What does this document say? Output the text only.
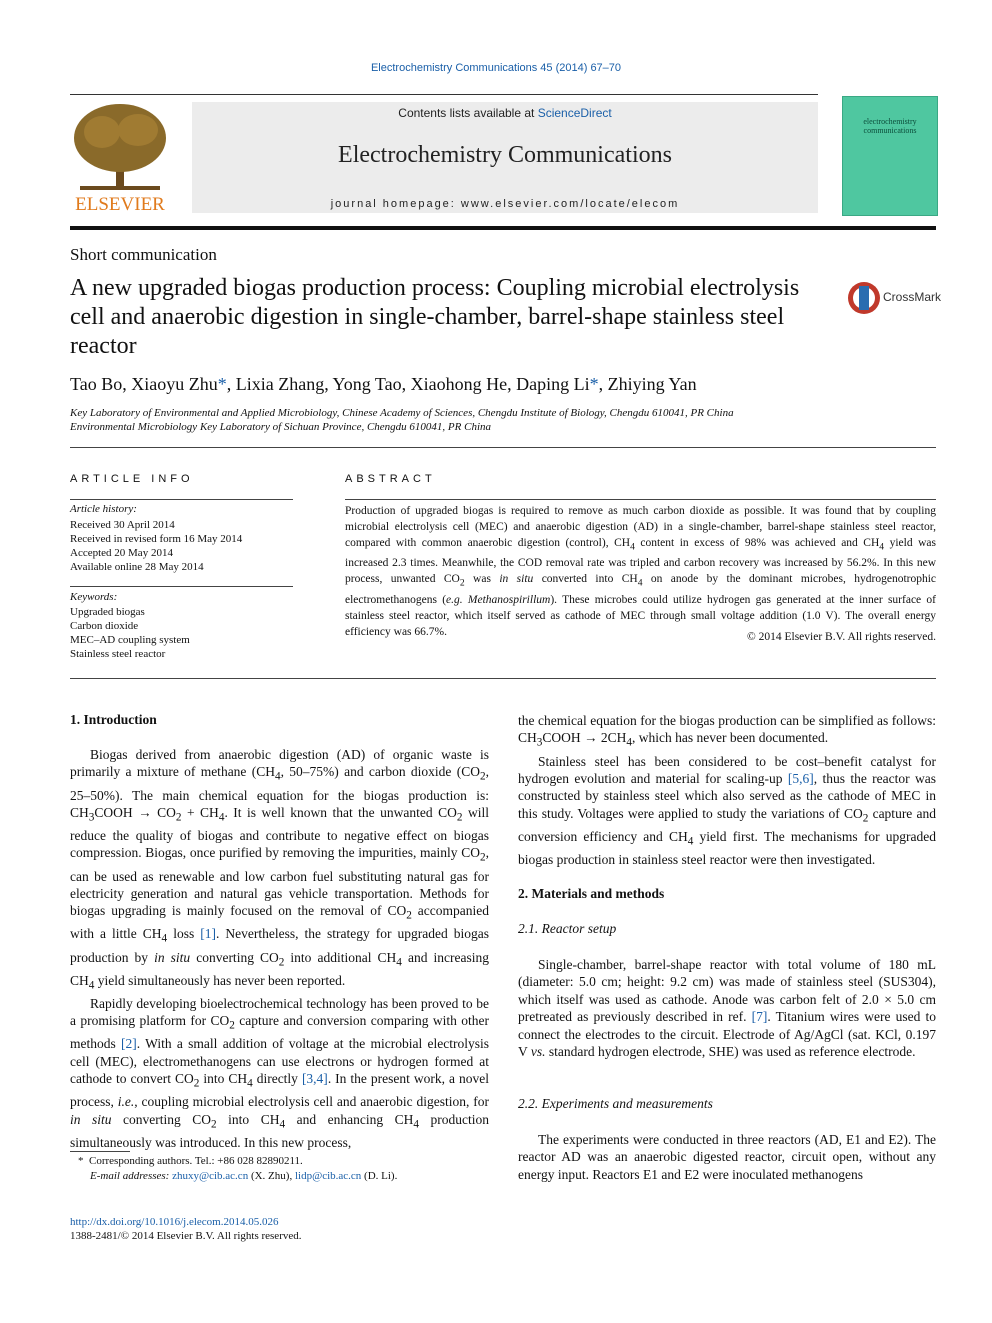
Electrochemistry Communications 45 (2014) 67–70
ELSEVIER
Contents lists available at ScienceDirect
Electrochemistry Communications
journal homepage: www.elsevier.com/locate/elecom
electrochemistry communications
Short communication
A new upgraded biogas production process: Coupling microbial electrolysis cell and anaerobic digestion in single-chamber, barrel-shape stainless steel reactor
CrossMark
Tao Bo, Xiaoyu Zhu*, Lixia Zhang, Yong Tao, Xiaohong He, Daping Li*, Zhiying Yan
Key Laboratory of Environmental and Applied Microbiology, Chinese Academy of Sciences, Chengdu Institute of Biology, Chengdu 610041, PR China
Environmental Microbiology Key Laboratory of Sichuan Province, Chengdu 610041, PR China
ARTICLE INFO
Article history:
Received 30 April 2014
Received in revised form 16 May 2014
Accepted 20 May 2014
Available online 28 May 2014
Keywords:
Upgraded biogas
Carbon dioxide
MEC–AD coupling system
Stainless steel reactor
ABSTRACT
Production of upgraded biogas is required to remove as much carbon dioxide as possible. It was found that by coupling microbial electrolysis cell (MEC) and anaerobic digestion (AD) in a single-chamber, barrel-shape stainless steel reactor, compared with common anaerobic digestion (control), $CH_4$ content in excess of 98% was achieved and $CH_4$ yield was increased 2.3 times. Meanwhile, the COD removal rate was tripled and carbon recovery was increased by 56.2%. In this new process, unwanted $CO_2$ was in situ converted into $CH_4$ on anode by the dominant microbes, hydrogenotrophic electromethanogens (e.g. Methanospirillum). These microbes could utilize hydrogen gas generated at the inner surface of stainless steel reactor, which itself served as cathode of MEC through small voltage addition (1.0 V). The overall energy efficiency was 66.7%.	© 2014 Elsevier B.V. All rights reserved.
1. Introduction

Biogas derived from anaerobic digestion (AD) of organic waste is primarily a mixture of methane ($CH_4$, 50–75%) and carbon dioxide ($CO_2$, 25–50%). The main chemical equation for the biogas production is: $CH_3COOH \to CO_2 + CH_4$. It is well known that the unwanted $CO_2$ will reduce the quality of biogas and contribute to negative effect on biogas compression. Biogas, once purified by removing the impurities, mainly $CO_2$, can be used as renewable and low carbon fuel substituting natural gas for electricity generation and natural gas vehicle transportation. Methods for biogas upgrading is mainly focused on the removal of $CO_2$ accompanied with a little $CH_4$ loss [1]. Nevertheless, the strategy for upgraded biogas production by in situ converting $CO_2$ into additional $CH_4$ and increasing $CH_4$ yield simultaneously has never been reported.

Rapidly developing bioelectrochemical technology has been proved to be a promising platform for $CO_2$ capture and conversion comparing with other methods [2]. With a small addition of voltage at the microbial electrolysis cell (MEC), electromethanogens can use electrons or hydrogen formed at cathode to convert $CO_2$ into $CH_4$ directly [3,4]. In the present work, a novel process, i.e., coupling microbial electrolysis cell and anaerobic digestion, for in situ converting $CO_2$ into $CH_4$ and enhancing $CH_4$ production simultaneously was introduced. In this new process,

* Corresponding authors. Tel.: +86 028 82890211.
E-mail addresses: zhuxy@cib.ac.cn (X. Zhu), lidp@cib.ac.cn (D. Li).
http://dx.doi.org/10.1016/j.elecom.2014.05.026
1388-2481/© 2014 Elsevier B.V. All rights reserved.

the chemical equation for the biogas production can be simplified as follows: $CH_3COOH \to 2CH_4$, which has never been documented.

Stainless steel has been considered to be cost–benefit catalyst for hydrogen evolution and material for scaling-up [5,6], thus the reactor was constructed by stainless steel which also served as the cathode of MEC in this study. Voltages were applied to study the variations of $CO_2$ capture and conversion efficiency and $CH_4$ yield first. The mechanisms for upgraded biogas production in stainless steel reactor were then investigated.

2. Materials and methods
2.1. Reactor setup

Single-chamber, barrel-shape reactor with total volume of 180 mL (diameter: 5.0 cm; height: 9.2 cm) was made of stainless steel (SUS304), which itself was used as cathode. Anode was carbon felt of 2.0 × 5.0 cm pretreated as previously described in ref. [7]. Titanium wires were used to connect the electrodes to the circuit. Electrode of Ag/AgCl (sat. KCl, 0.197 V vs. standard hydrogen electrode, SHE) was used as reference electrode.

2.2. Experiments and measurements

The experiments were conducted in three reactors (AD, E1 and E2). The reactor AD was an anaerobic digested reactor, circuit open, without any energy input. Reactors E1 and E2 were inoculated methanogens
